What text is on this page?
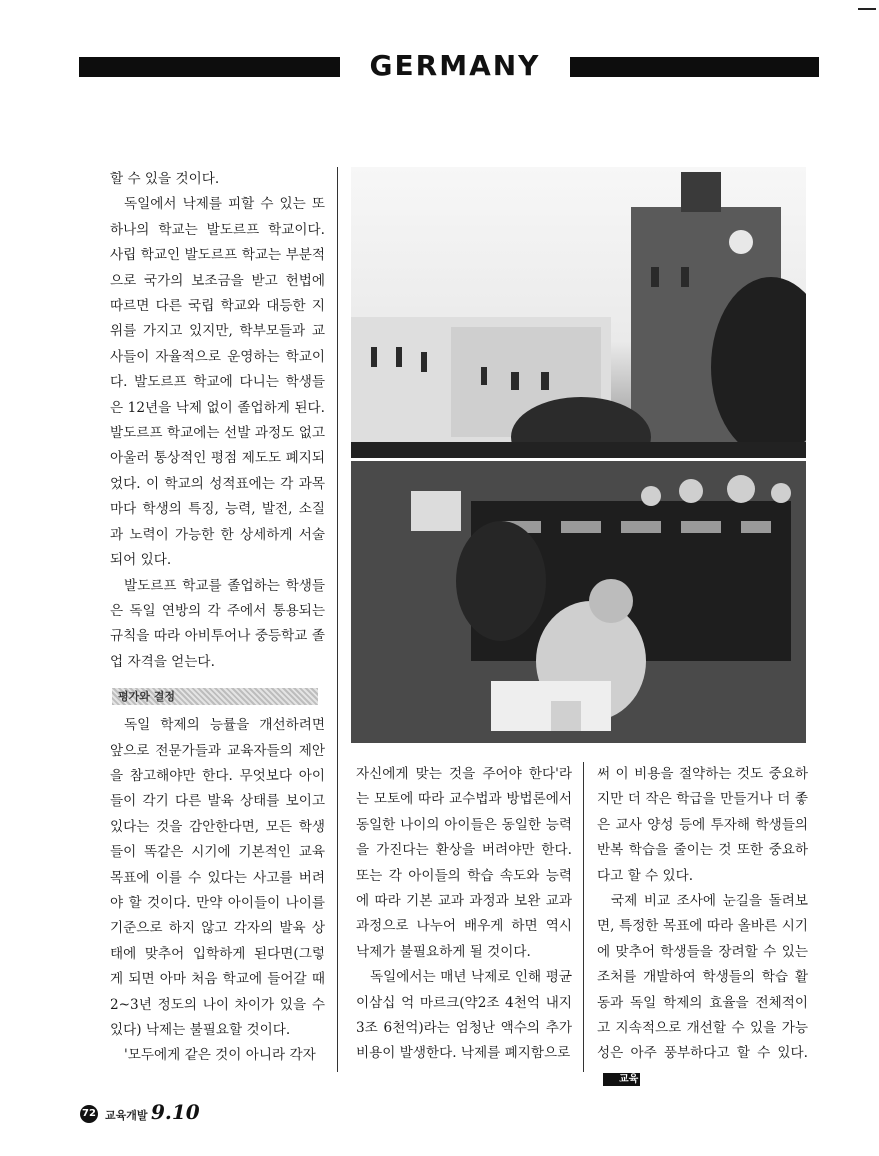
GERMANY

할 수 있을 것이다.

독일에서 낙제를 피할 수 있는 또 하나의 학교는 발도르프 학교이다. 사립 학교인 발도르프 학교는 부분적으로 국가의 보조금을 받고 헌법에 따르면 다른 국립 학교와 대등한 지위를 가지고 있지만, 학부모들과 교사들이 자율적으로 운영하는 학교이다. 발도르프 학교에 다니는 학생들은 12년을 낙제 없이 졸업하게 된다. 발도르프 학교에는 선발 과정도 없고 아울러 통상적인 평점 제도도 폐지되었다. 이 학교의 성적표에는 각 과목마다 학생의 특징, 능력, 발전, 소질과 노력이 가능한 한 상세하게 서술되어 있다.

발도르프 학교를 졸업하는 학생들은 독일 연방의 각 주에서 통용되는 규칙을 따라 아비투어나 중등학교 졸업 자격을 얻는다.

평가와 결정

독일 학제의 능률을 개선하려면 앞으로 전문가들과 교육자들의 제안을 참고해야만 한다. 무엇보다 아이들이 각기 다른 발육 상태를 보이고 있다는 것을 감안한다면, 모든 학생들이 똑같은 시기에 기본적인 교육 목표에 이를 수 있다는 사고를 버려야 할 것이다. 만약 아이들이 나이를 기준으로 하지 않고 각자의 발육 상태에 맞추어 입학하게 된다면(그렇게 되면 아마 처음 학교에 들어갈 때 2~3년 정도의 나이 차이가 있을 수 있다) 낙제는 불필요할 것이다.

'모두에게 같은 것이 아니라 각자

자신에게 맞는 것을 주어야 한다'라는 모토에 따라 교수법과 방법론에서 동일한 나이의 아이들은 동일한 능력을 가진다는 환상을 버려야만 한다. 또는 각 아이들의 학습 속도와 능력에 따라 기본 교과 과정과 보완 교과 과정으로 나누어 배우게 하면 역시 낙제가 불필요하게 될 것이다.

독일에서는 매년 낙제로 인해 평균 이삼십 억 마르크(약2조 4천억 내지 3조 6천억)라는 엄청난 액수의 추가 비용이 발생한다. 낙제를 폐지함으로

써 이 비용을 절약하는 것도 중요하지만 더 작은 학급을 만들거나 더 좋은 교사 양성 등에 투자해 학생들의 반복 학습을 줄이는 것 또한 중요하다고 할 수 있다.

국제 비교 조사에 눈길을 돌려보면, 특정한 목표에 따라 올바른 시기에 맞추어 학생들을 장려할 수 있는 조처를 개발하여 학생들의 학습 활동과 독일 학제의 효율을 전체적이고 지속적으로 개선할 수 있을 가능성은 아주 풍부하다고 할 수 있다.교육

72 교육개발 9.10
